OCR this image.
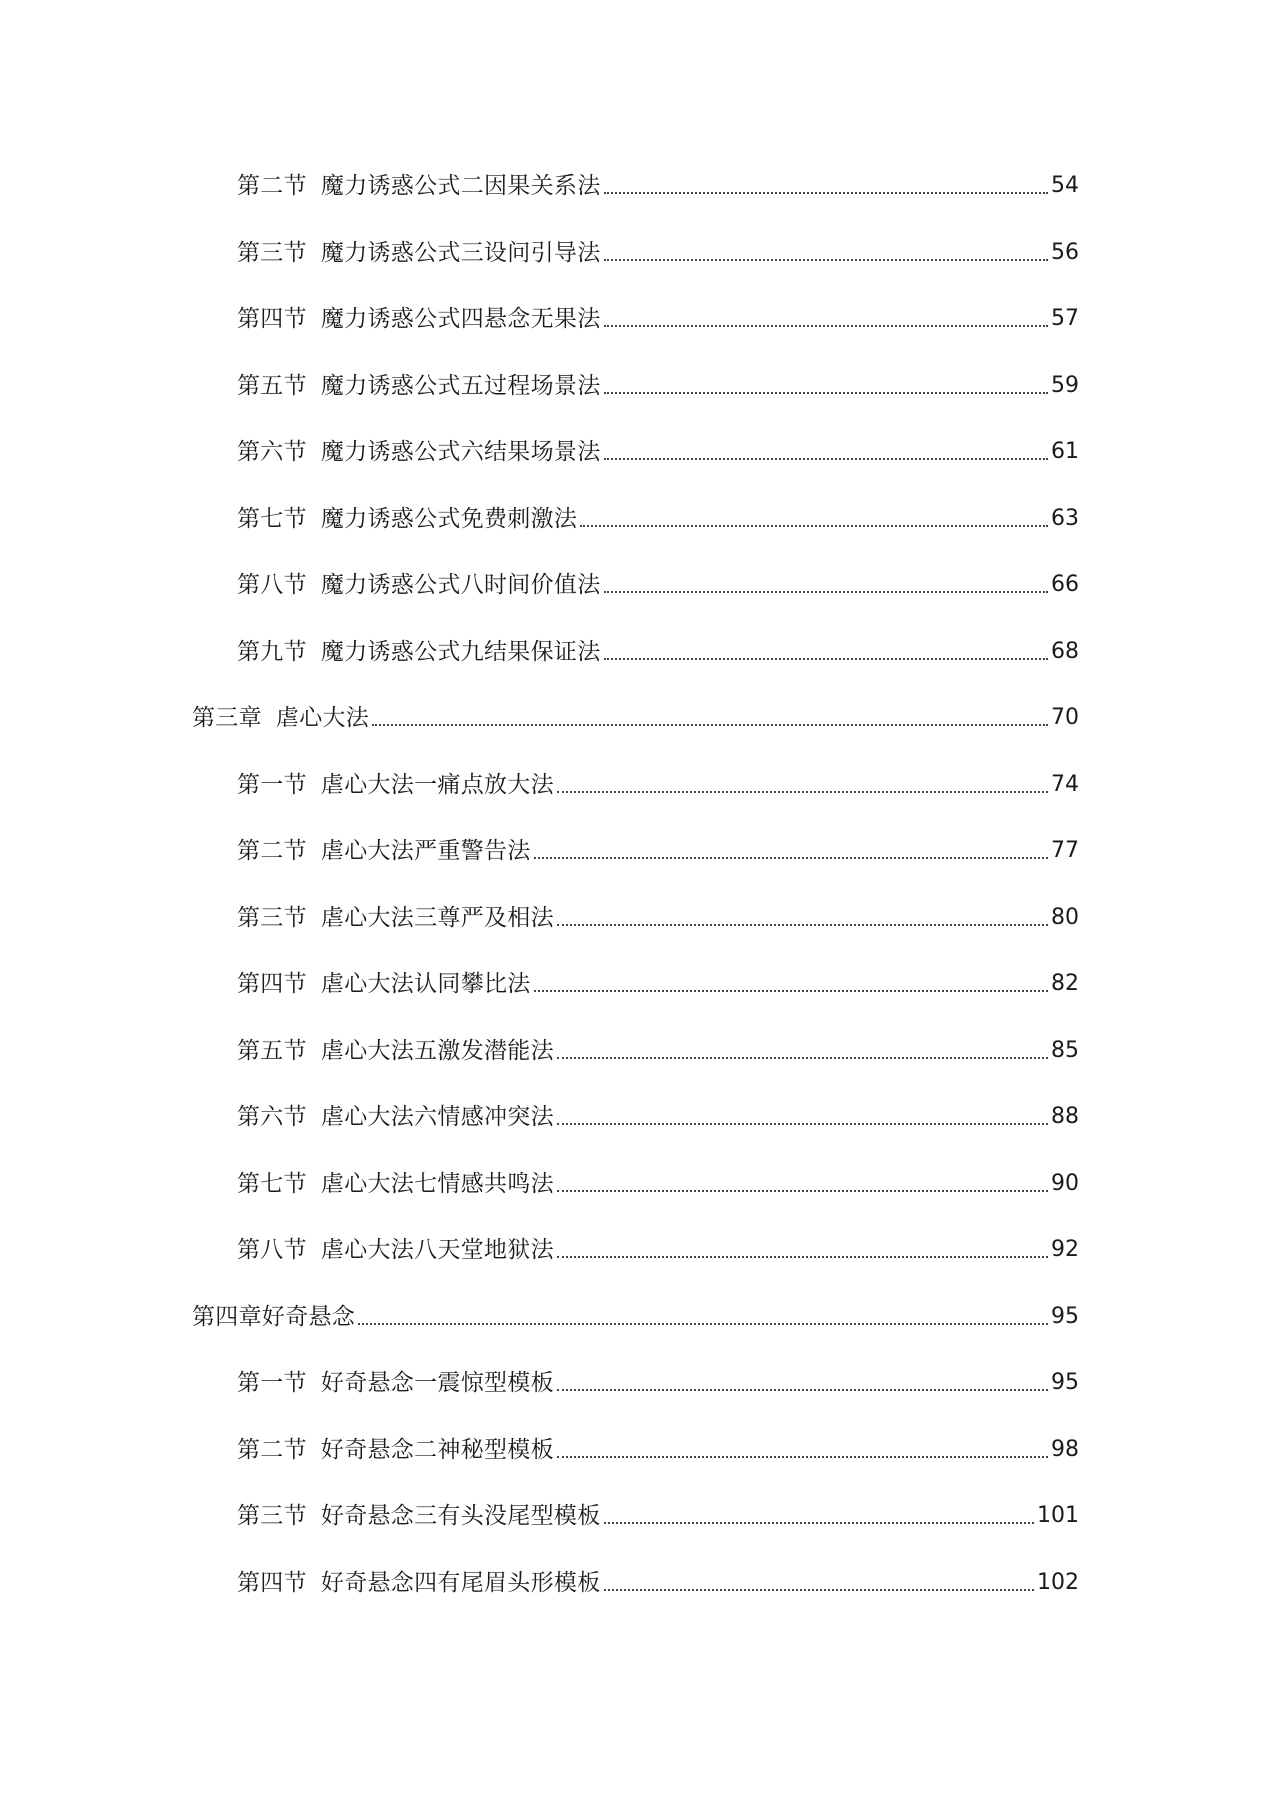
第二节 魔力诱惑公式二因果关系法	54
第三节 魔力诱惑公式三设问引导法	56
第四节 魔力诱惑公式四悬念无果法	57
第五节 魔力诱惑公式五过程场景法	59
第六节 魔力诱惑公式六结果场景法	61
第七节 魔力诱惑公式免费刺激法	63
第八节 魔力诱惑公式八时间价值法	66
第九节 魔力诱惑公式九结果保证法	68
第三章 虐心大法	70
第一节 虐心大法一痛点放大法	74
第二节 虐心大法严重警告法	77
第三节 虐心大法三尊严及相法	80
第四节 虐心大法认同攀比法	82
第五节 虐心大法五激发潜能法	85
第六节 虐心大法六情感冲突法	88
第七节 虐心大法七情感共鸣法	90
第八节 虐心大法八天堂地狱法	92
第四章好奇悬念	95
第一节 好奇悬念一震惊型模板	95
第二节 好奇悬念二神秘型模板	98
第三节 好奇悬念三有头没尾型模板	101
第四节 好奇悬念四有尾眉头形模板	102
